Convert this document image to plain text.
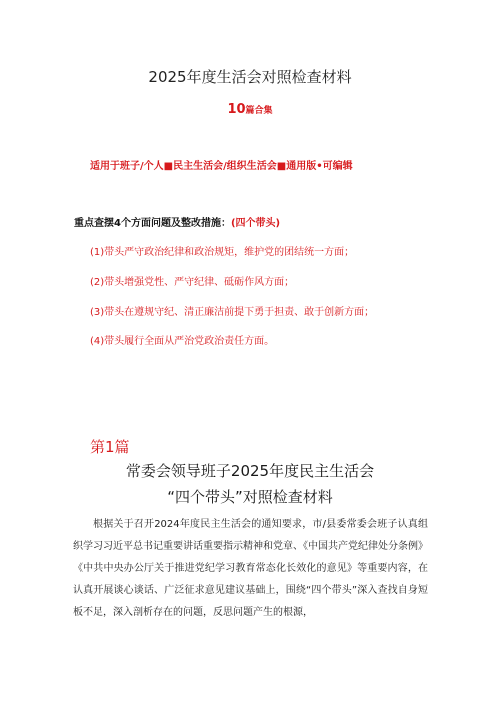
2025年度生活会对照检查材料
10篇合集
适用于班子/个人■民主生活会/组织生活会■通用版•可编辑
重点查摆4个方面问题及整改措施：(四个带头)
(1)带头严守政治纪律和政治规矩，维护党的团结统一方面；
(2)带头增强党性、严守纪律、砥砺作风方面；
(3)带头在遵规守纪、清正廉洁前提下勇于担责、敢于创新方面；
(4)带头履行全面从严治党政治责任方面。
第1篇
常委会领导班子2025年度民主生活会
“四个带头”对照检查材料
根据关于召开2024年度民主生活会的通知要求，市/县委常委会班子认真组织学习习近平总书记重要讲话重要指示精神和党章、《中国共产党纪律处分条例》《中共中央办公厅关于推进党纪学习教育常态化长效化的意见》等重要内容，在认真开展谈心谈话、广泛征求意见建议基础上，围绕“四个带头”深入查找自身短板不足，深入剖析存在的问题，反思问题产生的根源，
